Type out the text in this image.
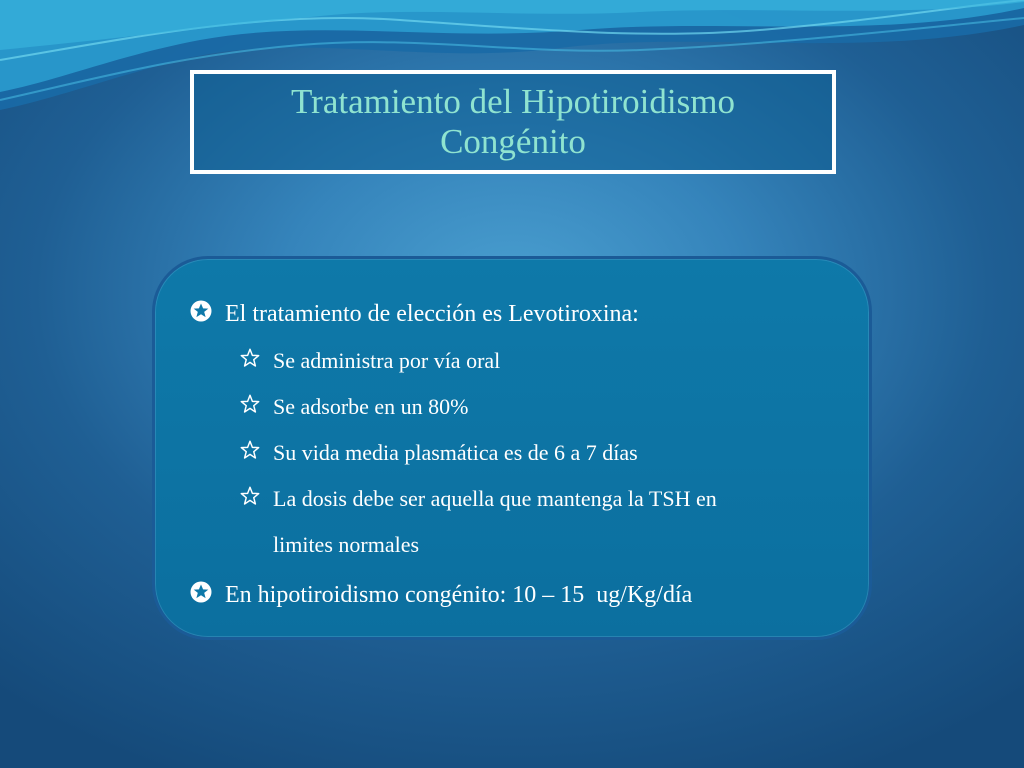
Tratamiento del Hipotiroidismo
Congénito
El tratamiento de elección es Levotiroxina:
Se administra por vía oral
Se adsorbe en un 80%
Su vida media plasmática es de 6 a 7 días
La dosis debe ser aquella que mantenga la TSH en
limites normales
En hipotiroidismo congénito: 10 – 15  ug/Kg/día
